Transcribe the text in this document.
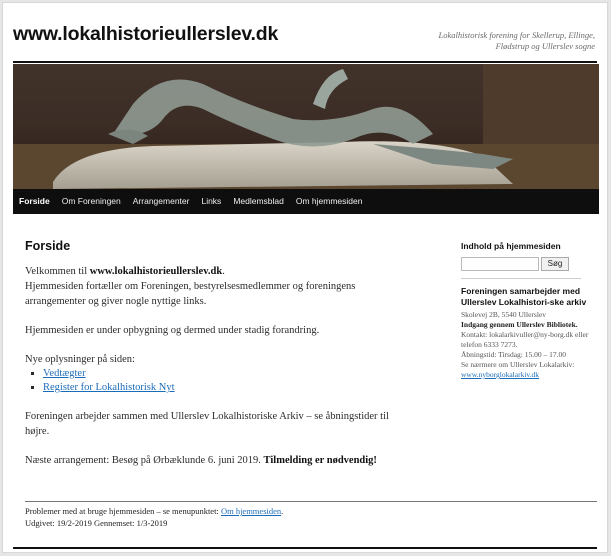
www.lokalhistorieullerslev.dk	Lokalhistorisk forening for Skellerup, Ellinge, Flødstrup og Ullerslev sogne
Forside	Om Foreningen	Arrangementer	Links	Medlemsblad	Om hjemmesiden
Forside

Velkommen til www.lokalhistorieullerslev.dk.
Hjemmesiden fortæller om Foreningen, bestyrelsesmedlemmer og foreningens arrangementer og giver nogle nyttige links.

Hjemmesiden er under opbygning og dermed under stadig forandring.

Nye oplysninger på siden:
▪ Vedtægter
▪ Register for Lokalhistorisk Nyt

Foreningen arbejder sammen med Ullerslev Lokalhistoriske Arkiv – se åbningstider til højre.

Næste arrangement: Besøg på Ørbæklunde 6. juni 2019. Tilmelding er nødvendig!

Indhold på hjemmesiden
Søg
Foreningen samarbejder med Ullerslev Lokalhistori-ske arkiv
Skolevej 2B, 5540 Ullerslev
Indgang gennem Ullerslev Bibliotek.
Kontakt: lokalarkivuller@ny-borg.dk eller telefon 6333 7273.
Åbningstid: Tirsdag: 15.00 – 17.00
Se nærmere om Ullerslev Lokalarkiv:
www.nyborglokalarkiv.dk
Problemer med at bruge hjemmesiden – se menupunktet: Om hjemmesiden.
Udgivet: 19/2-2019 Gennemset: 1/3-2019
